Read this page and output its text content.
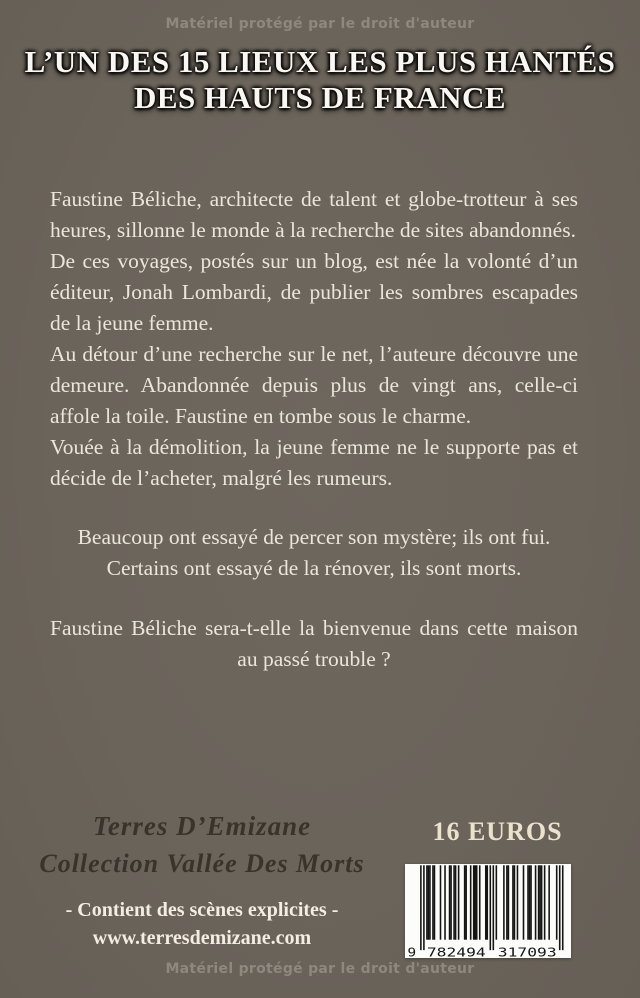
Matériel protégé par le droit d'auteur
L’UN DES 15 LIEUX LES PLUS HANTÉS
DES HAUTS DE FRANCE

Faustine Béliche, architecte de talent et globe-trotteur à ses heures, sillonne le monde à la recherche de sites abandonnés.

De ces voyages, postés sur un blog, est née la volonté d’un éditeur, Jonah Lombardi, de publier les sombres escapades de la jeune femme.

Au détour d’une recherche sur le net, l’auteure découvre une demeure. Abandonnée depuis plus de vingt ans, celle-ci affole la toile. Faustine en tombe sous le charme.

Vouée à la démolition, la jeune femme ne le supporte pas et décide de l’acheter, malgré les rumeurs.

Beaucoup ont essayé de percer son mystère; ils ont fui.

Certains ont essayé de la rénover, ils sont morts.

Faustine Béliche sera-t-elle la bienvenue dans cette maison au passé trouble ?

Terres D’Emizane
Collection Vallée Des Morts
- Contient des scènes explicites -
www.terresdemizane.com
16 EUROS
9 782494 317093
Matériel protégé par le droit d'auteur
